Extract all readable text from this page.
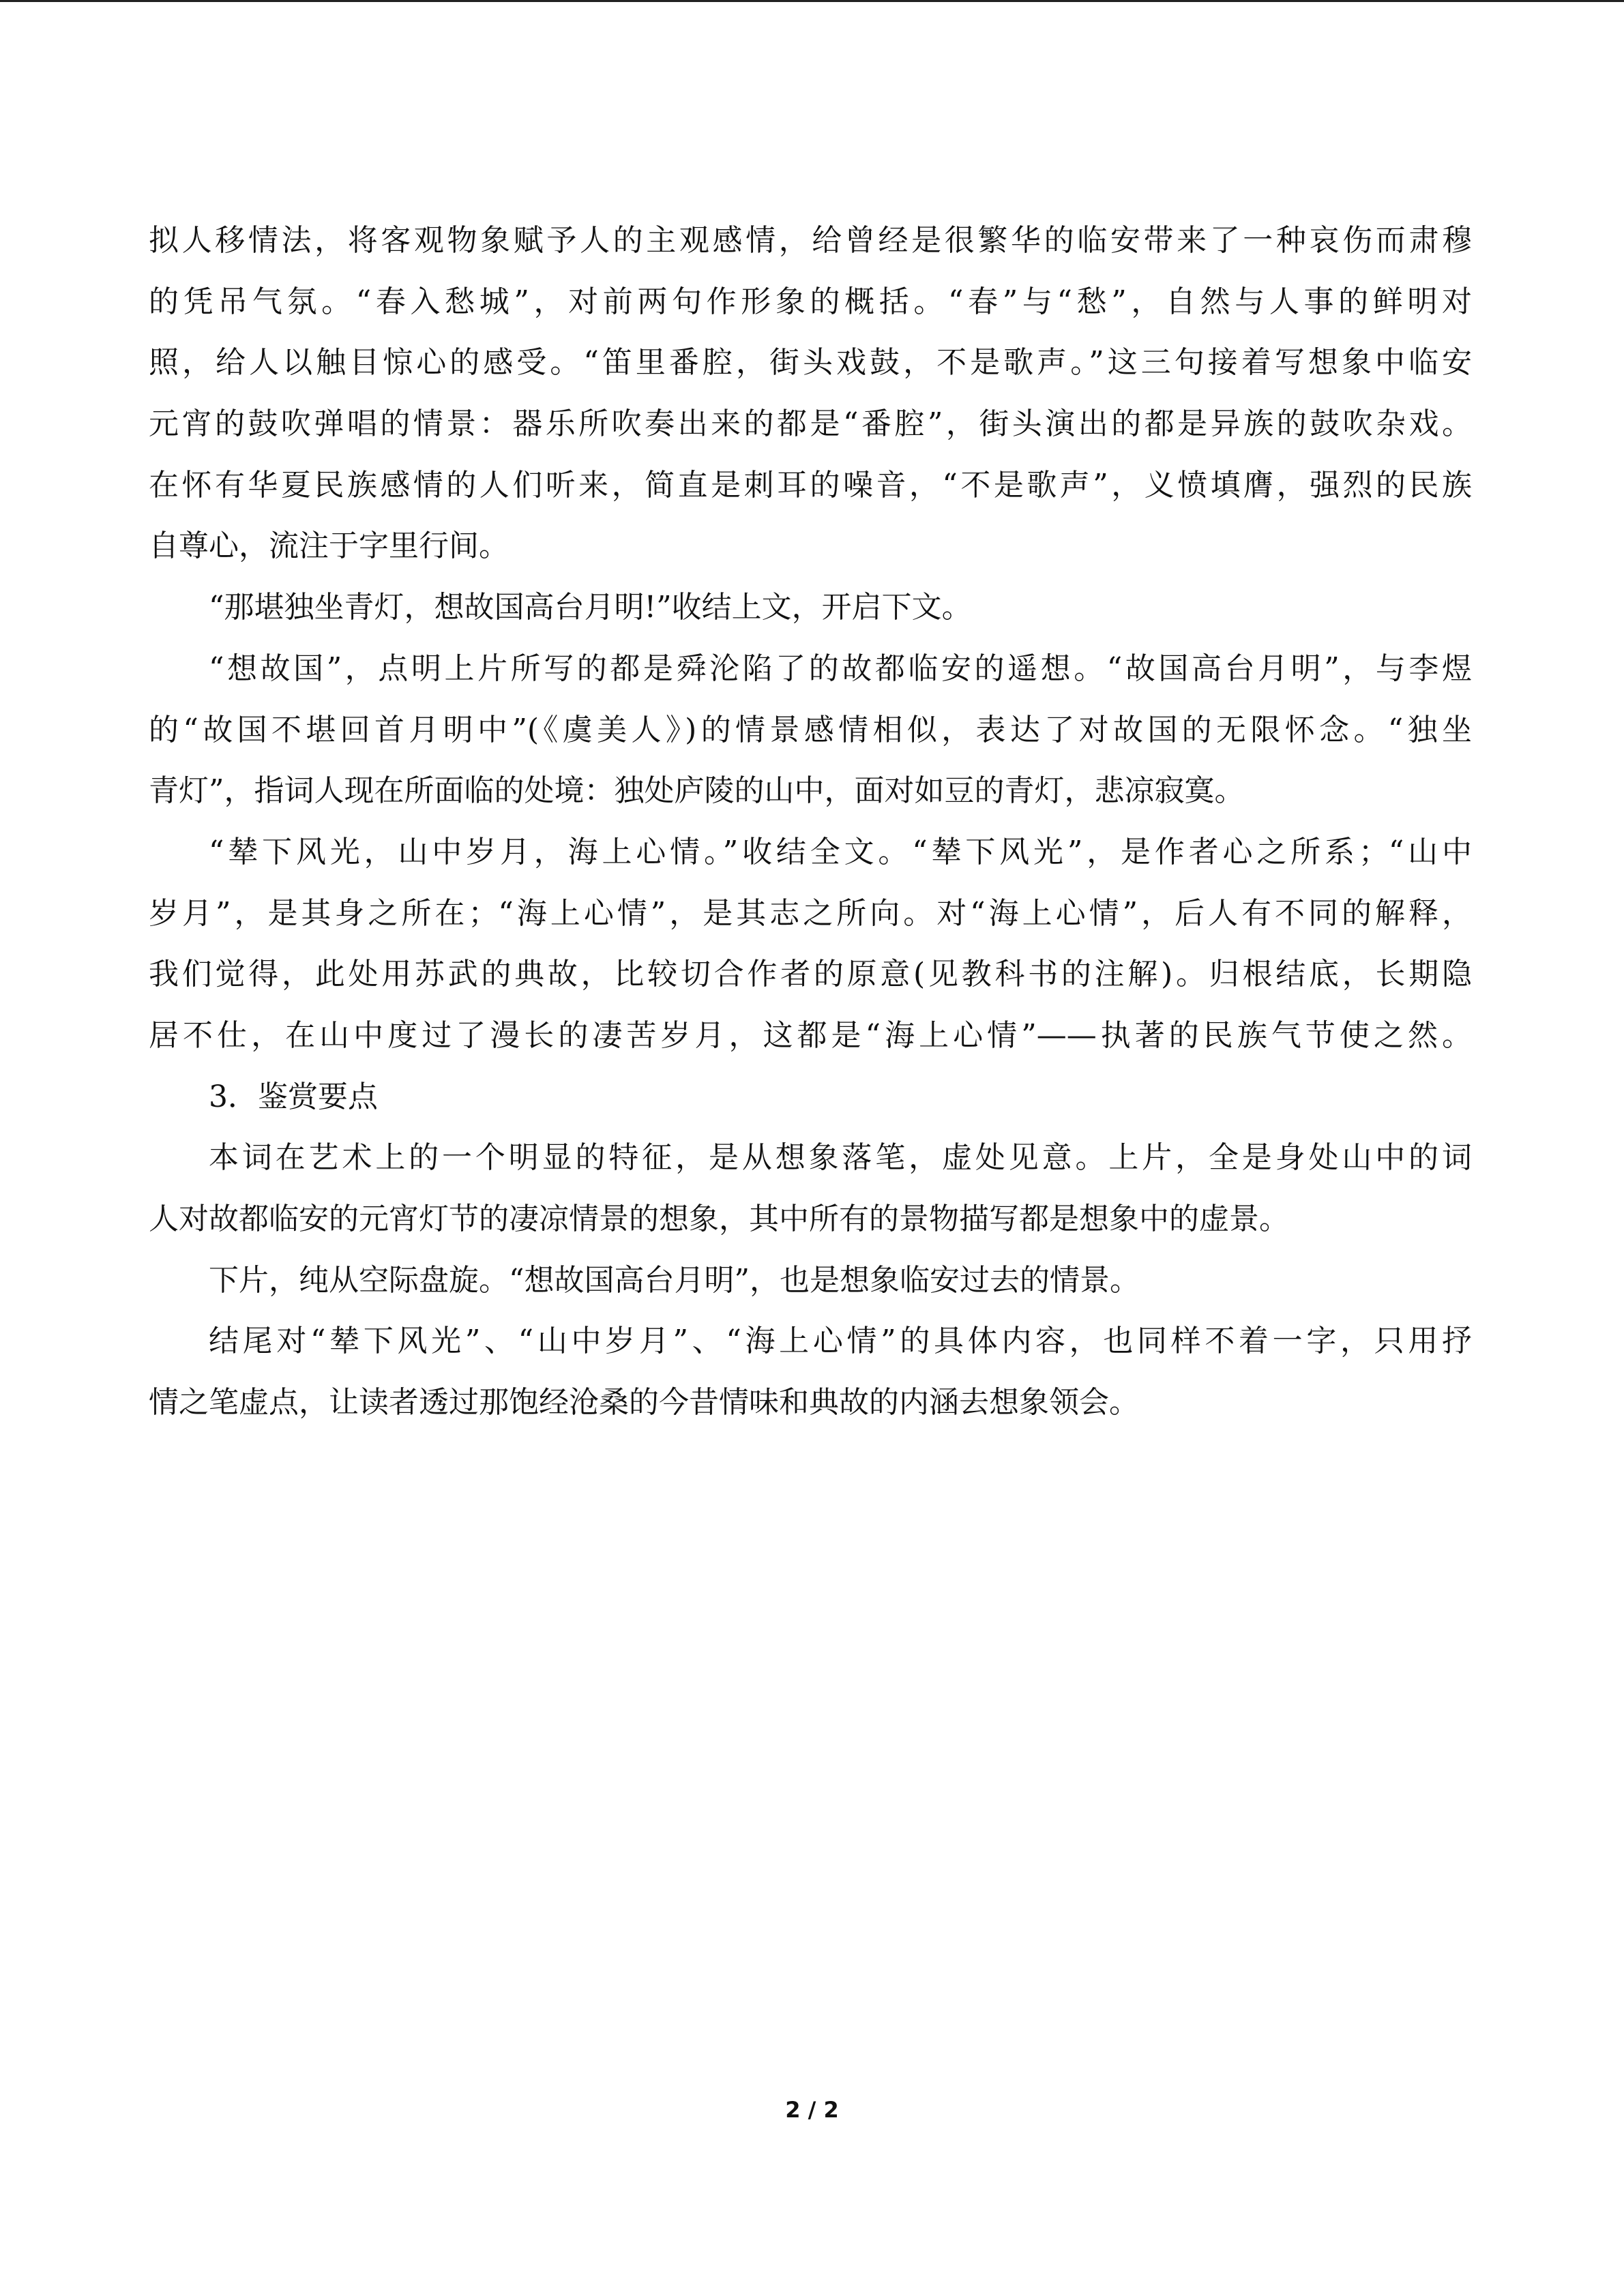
拟人移情法，将客观物象赋予人的主观感情，给曾经是很繁华的临安带来了一种哀伤而肃穆
的凭吊气氛。“春入愁城”，对前两句作形象的概括。“春”与“愁”，自然与人事的鲜明对
照，给人以触目惊心的感受。“笛里番腔，街头戏鼓，不是歌声。”这三句接着写想象中临安
元宵的鼓吹弹唱的情景：器乐所吹奏出来的都是“番腔”，街头演出的都是异族的鼓吹杂戏。
在怀有华夏民族感情的人们听来，简直是刺耳的噪音，“不是歌声”，义愤填膺，强烈的民族
自尊心，流注于字里行间。
“那堪独坐青灯，想故国高台月明!”收结上文，开启下文。
“想故国”，点明上片所写的都是舜沦陷了的故都临安的遥想。“故国高台月明”，与李煜
的“故国不堪回首月明中”(《虞美人》)的情景感情相似，表达了对故国的无限怀念。“独坐
青灯”，指词人现在所面临的处境：独处庐陵的山中，面对如豆的青灯，悲凉寂寞。
“辇下风光，山中岁月，海上心情。”收结全文。“辇下风光”，是作者心之所系；“山中
岁月”，是其身之所在；“海上心情”，是其志之所向。对“海上心情”，后人有不同的解释，
我们觉得，此处用苏武的典故，比较切合作者的原意(见教科书的注解)。归根结底，长期隐
居不仕，在山中度过了漫长的凄苦岁月，这都是“海上心情”——执著的民族气节使之然。
3．鉴赏要点
本词在艺术上的一个明显的特征，是从想象落笔，虚处见意。上片，全是身处山中的词
人对故都临安的元宵灯节的凄凉情景的想象，其中所有的景物描写都是想象中的虚景。
下片，纯从空际盘旋。“想故国高台月明”，也是想象临安过去的情景。
结尾对“辇下风光”、“山中岁月”、“海上心情”的具体内容，也同样不着一字，只用抒
情之笔虚点，让读者透过那饱经沧桑的今昔情味和典故的内涵去想象领会。
2 / 2
